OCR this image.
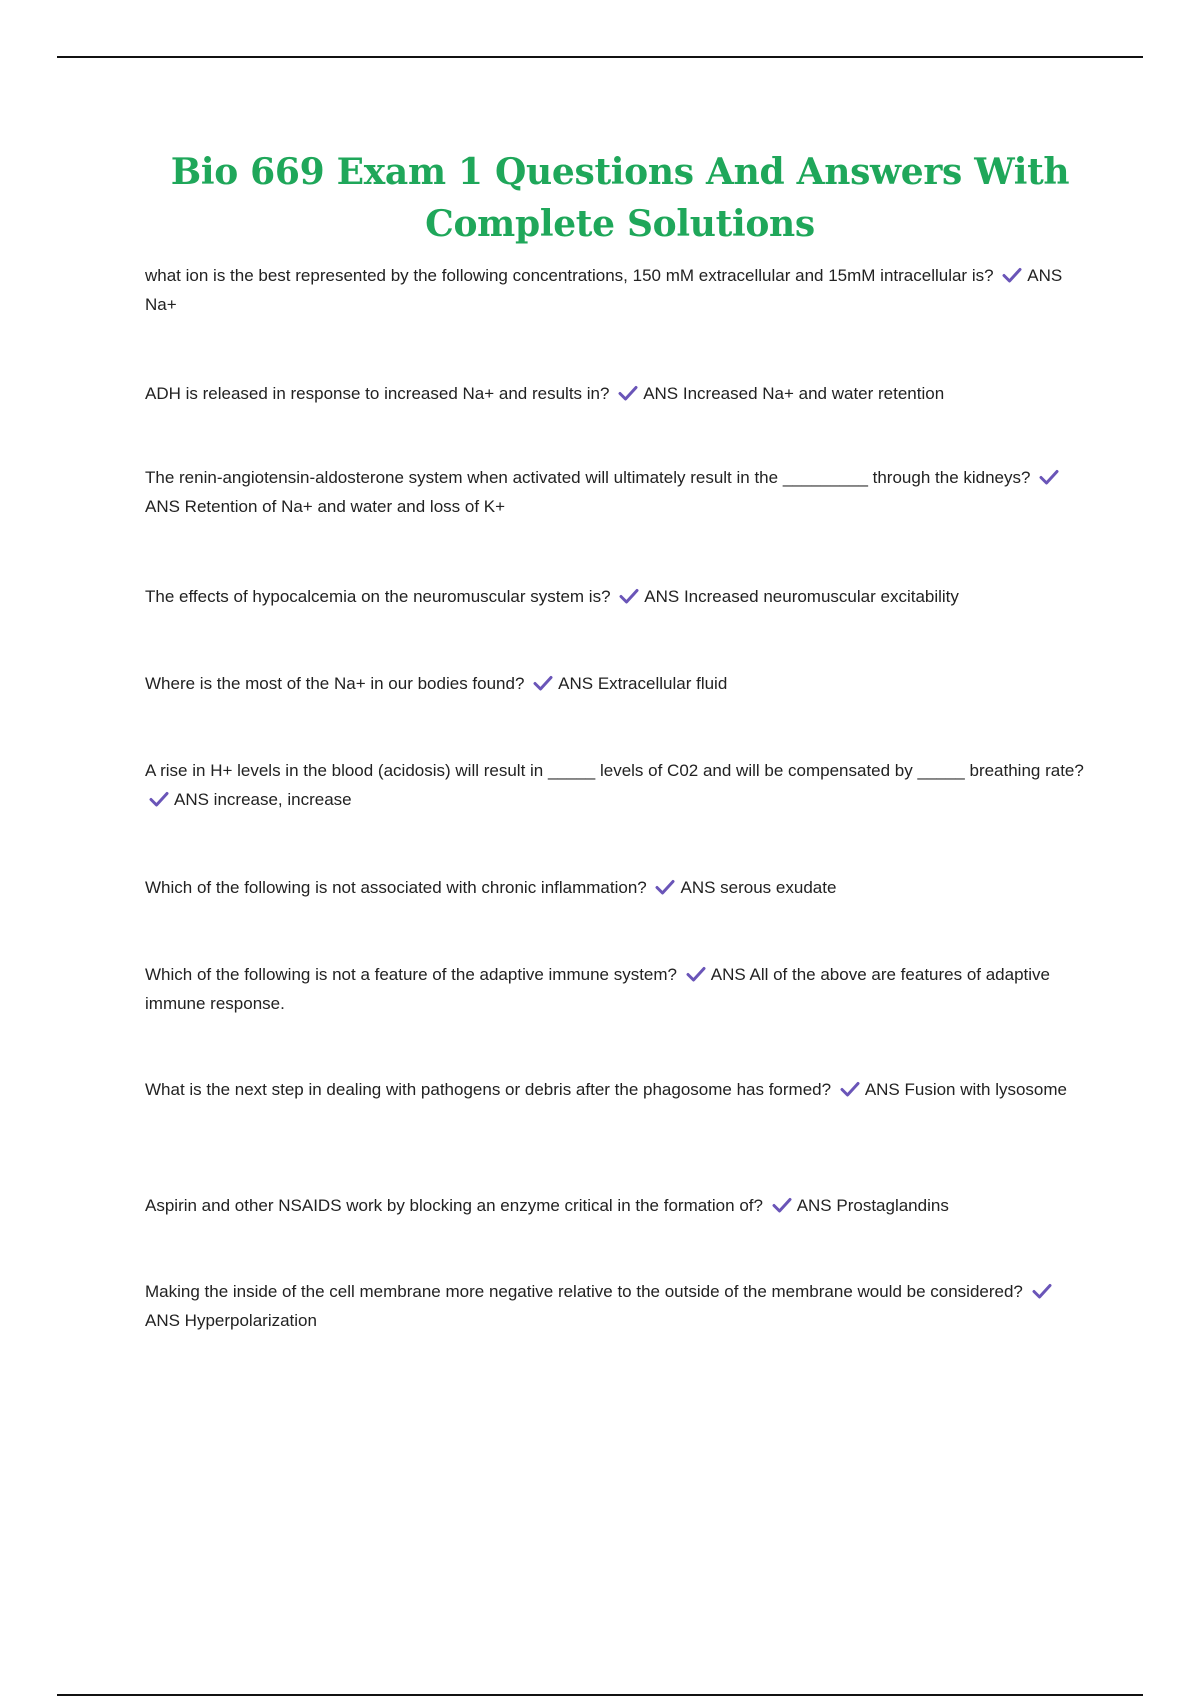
Bio 669 Exam 1 Questions And Answers With
Complete Solutions
what ion is the best represented by the following concentrations, 150 mM extracellular and 15mM intracellular is? ANS Na+
ADH is released in response to increased Na+ and results in? ANS Increased Na+ and water retention
The renin-angiotensin-aldosterone system when activated will ultimately result in the _________ through the kidneys?
ANS Retention of Na+ and water and loss of K+
The effects of hypocalcemia on the neuromuscular system is? ANS Increased neuromuscular excitability
Where is the most of the Na+ in our bodies found? ANS Extracellular fluid
A rise in H+ levels in the blood (acidosis) will result in _____ levels of C02 and will be compensated by _____ breathing rate?
ANS increase, increase
Which of the following is not associated with chronic inflammation? ANS serous exudate
Which of the following is not a feature of the adaptive immune system? ANS All of the above are features of adaptive immune response.
What is the next step in dealing with pathogens or debris after the phagosome has formed? ANS Fusion with lysosome
Aspirin and other NSAIDS work by blocking an enzyme critical in the formation of? ANS Prostaglandins
Making the inside of the cell membrane more negative relative to the outside of the membrane would be considered?
ANS Hyperpolarization
